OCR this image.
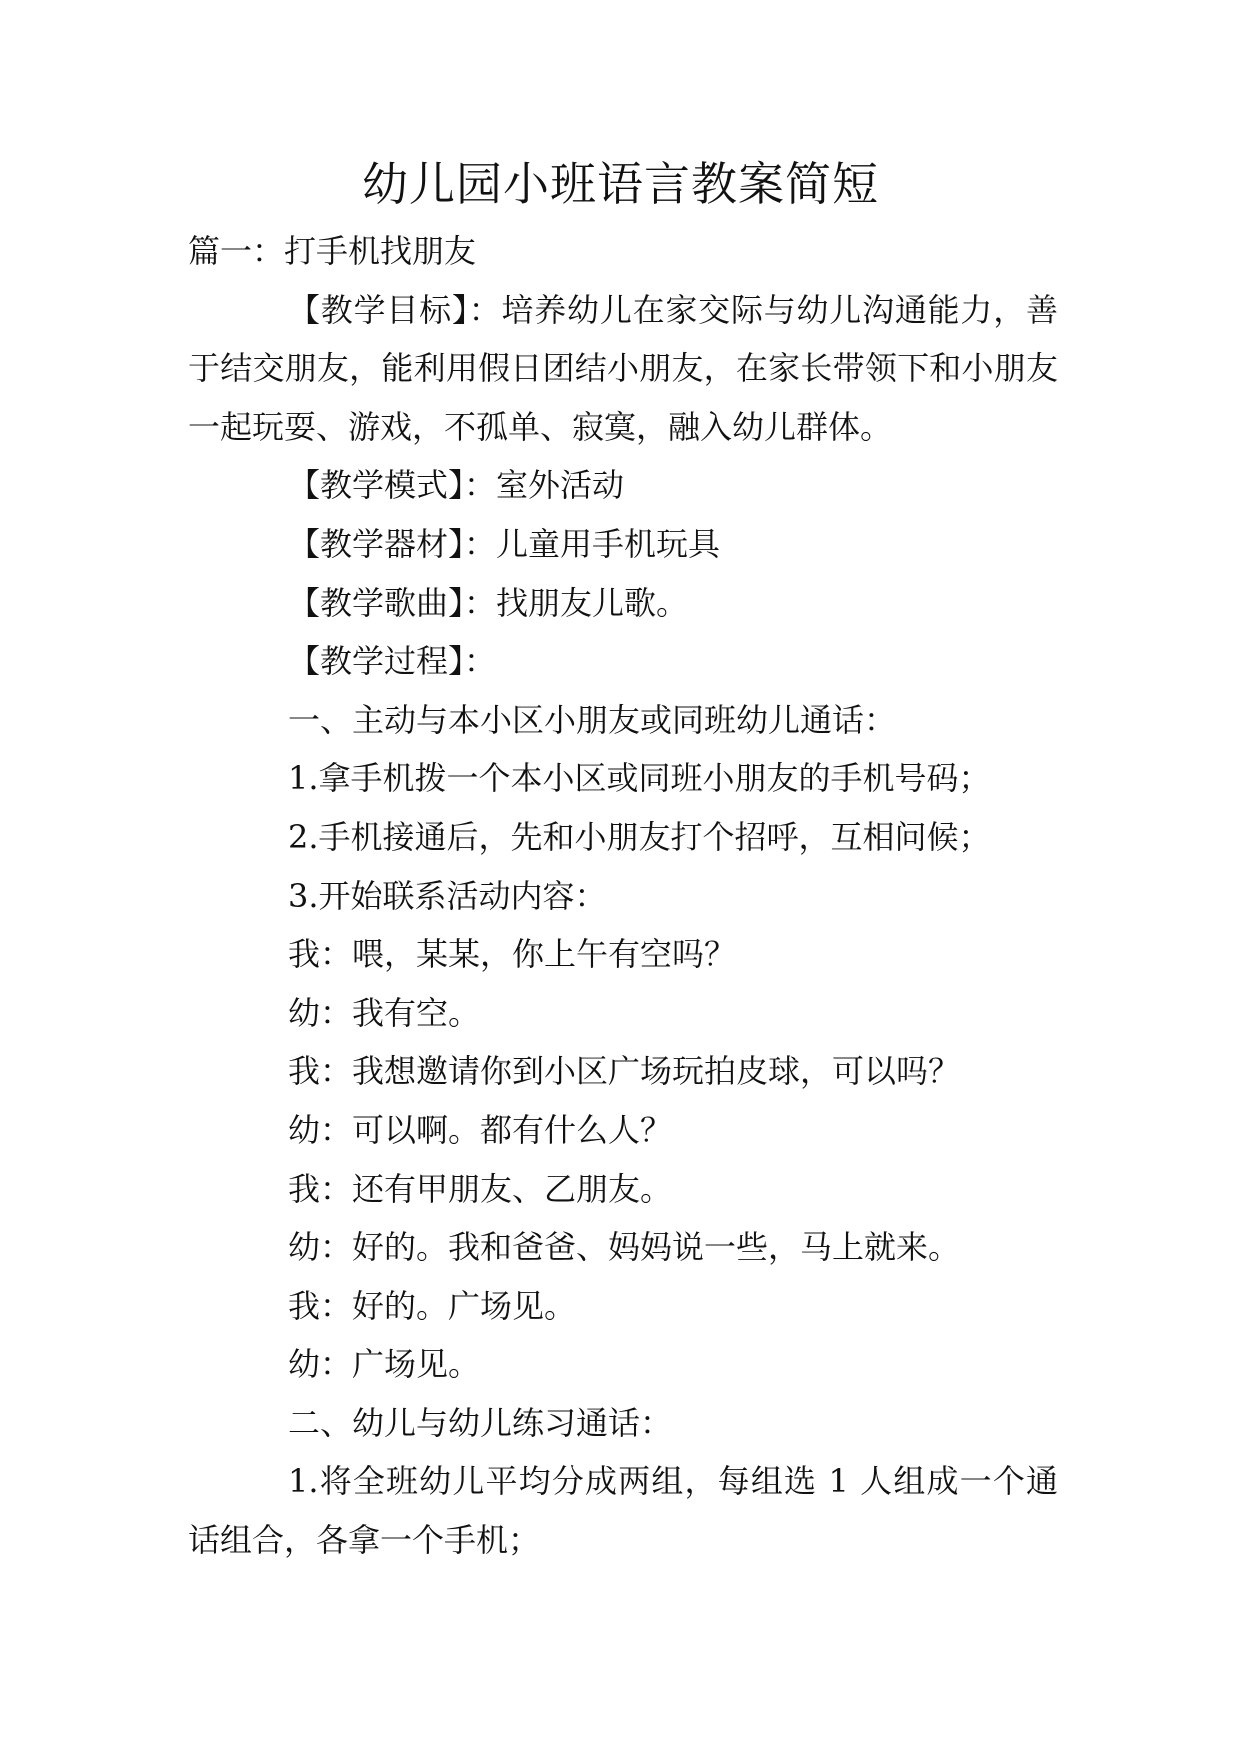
幼儿园小班语言教案简短

篇一：打手机找朋友

【教学目标】：培养幼儿在家交际与幼儿沟通能力，善于结交朋友，能利用假日团结小朋友，在家长带领下和小朋友一起玩耍、游戏，不孤单、寂寞，融入幼儿群体。

【教学模式】：室外活动

【教学器材】：儿童用手机玩具

【教学歌曲】：找朋友儿歌。

【教学过程】：

一、主动与本小区小朋友或同班幼儿通话：

1.拿手机拨一个本小区或同班小朋友的手机号码；

2.手机接通后，先和小朋友打个招呼，互相问候；

3.开始联系活动内容：

我：喂，某某，你上午有空吗？

幼：我有空。

我：我想邀请你到小区广场玩拍皮球，可以吗？

幼：可以啊。都有什么人？

我：还有甲朋友、乙朋友。

幼：好的。我和爸爸、妈妈说一些，马上就来。

我：好的。广场见。

幼：广场见。

二、幼儿与幼儿练习通话：

1.将全班幼儿平均分成两组，每组选 1 人组成一个通话组合，各拿一个手机；
